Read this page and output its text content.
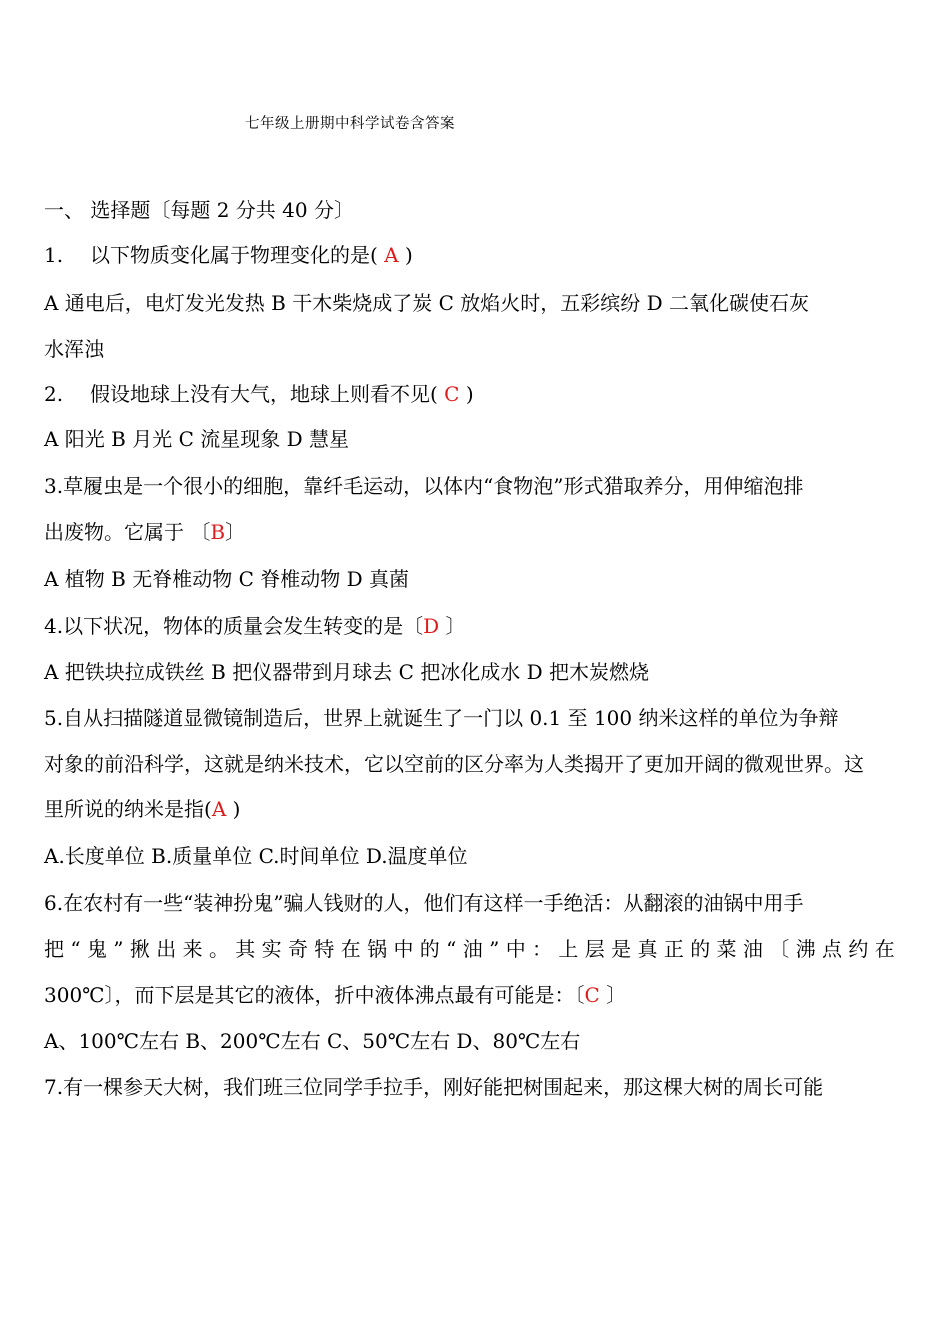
七年级上册期中科学试卷含答案
一、 选择题〔每题 2 分共 40 分〕
1. 以下物质变化属于物理变化的是( A )
A 通电后，电灯发光发热 B 干木柴烧成了炭 C 放焰火时，五彩缤纷 D 二氧化碳使石灰
水浑浊
2. 假设地球上没有大气，地球上则看不见( C )
A 阳光 B 月光 C 流星现象 D 慧星
3.草履虫是一个很小的细胞，靠纤毛运动，以体内“食物泡”形式猎取养分，用伸缩泡排
出废物。它属于 〔B〕
A 植物 B 无脊椎动物 C 脊椎动物 D 真菌
4.以下状况，物体的质量会发生转变的是〔D 〕
A 把铁块拉成铁丝 B 把仪器带到月球去 C 把冰化成水 D 把木炭燃烧
5.自从扫描隧道显微镜制造后，世界上就诞生了一门以 0.1 至 100 纳米这样的单位为争辩
对象的前沿科学，这就是纳米技术，它以空前的区分率为人类揭开了更加开阔的微观世界。这
里所说的纳米是指(A )
A.长度单位 B.质量单位 C.时间单位 D.温度单位
6.在农村有一些“装神扮鬼”骗人钱财的人，他们有这样一手绝活：从翻滚的油锅中用手
把 “ 鬼 ” 揪 出 来 。 其 实 奇 特 在 锅 中 的 “ 油 ” 中 ： 上 层 是 真 正 的 菜 油 〔 沸 点 约 在
300℃〕，而下层是其它的液体，折中液体沸点最有可能是：〔C 〕
A、100℃左右 B、200℃左右 C、50℃左右 D、80℃左右
7.有一棵参天大树，我们班三位同学手拉手，刚好能把树围起来，那这棵大树的周长可能
